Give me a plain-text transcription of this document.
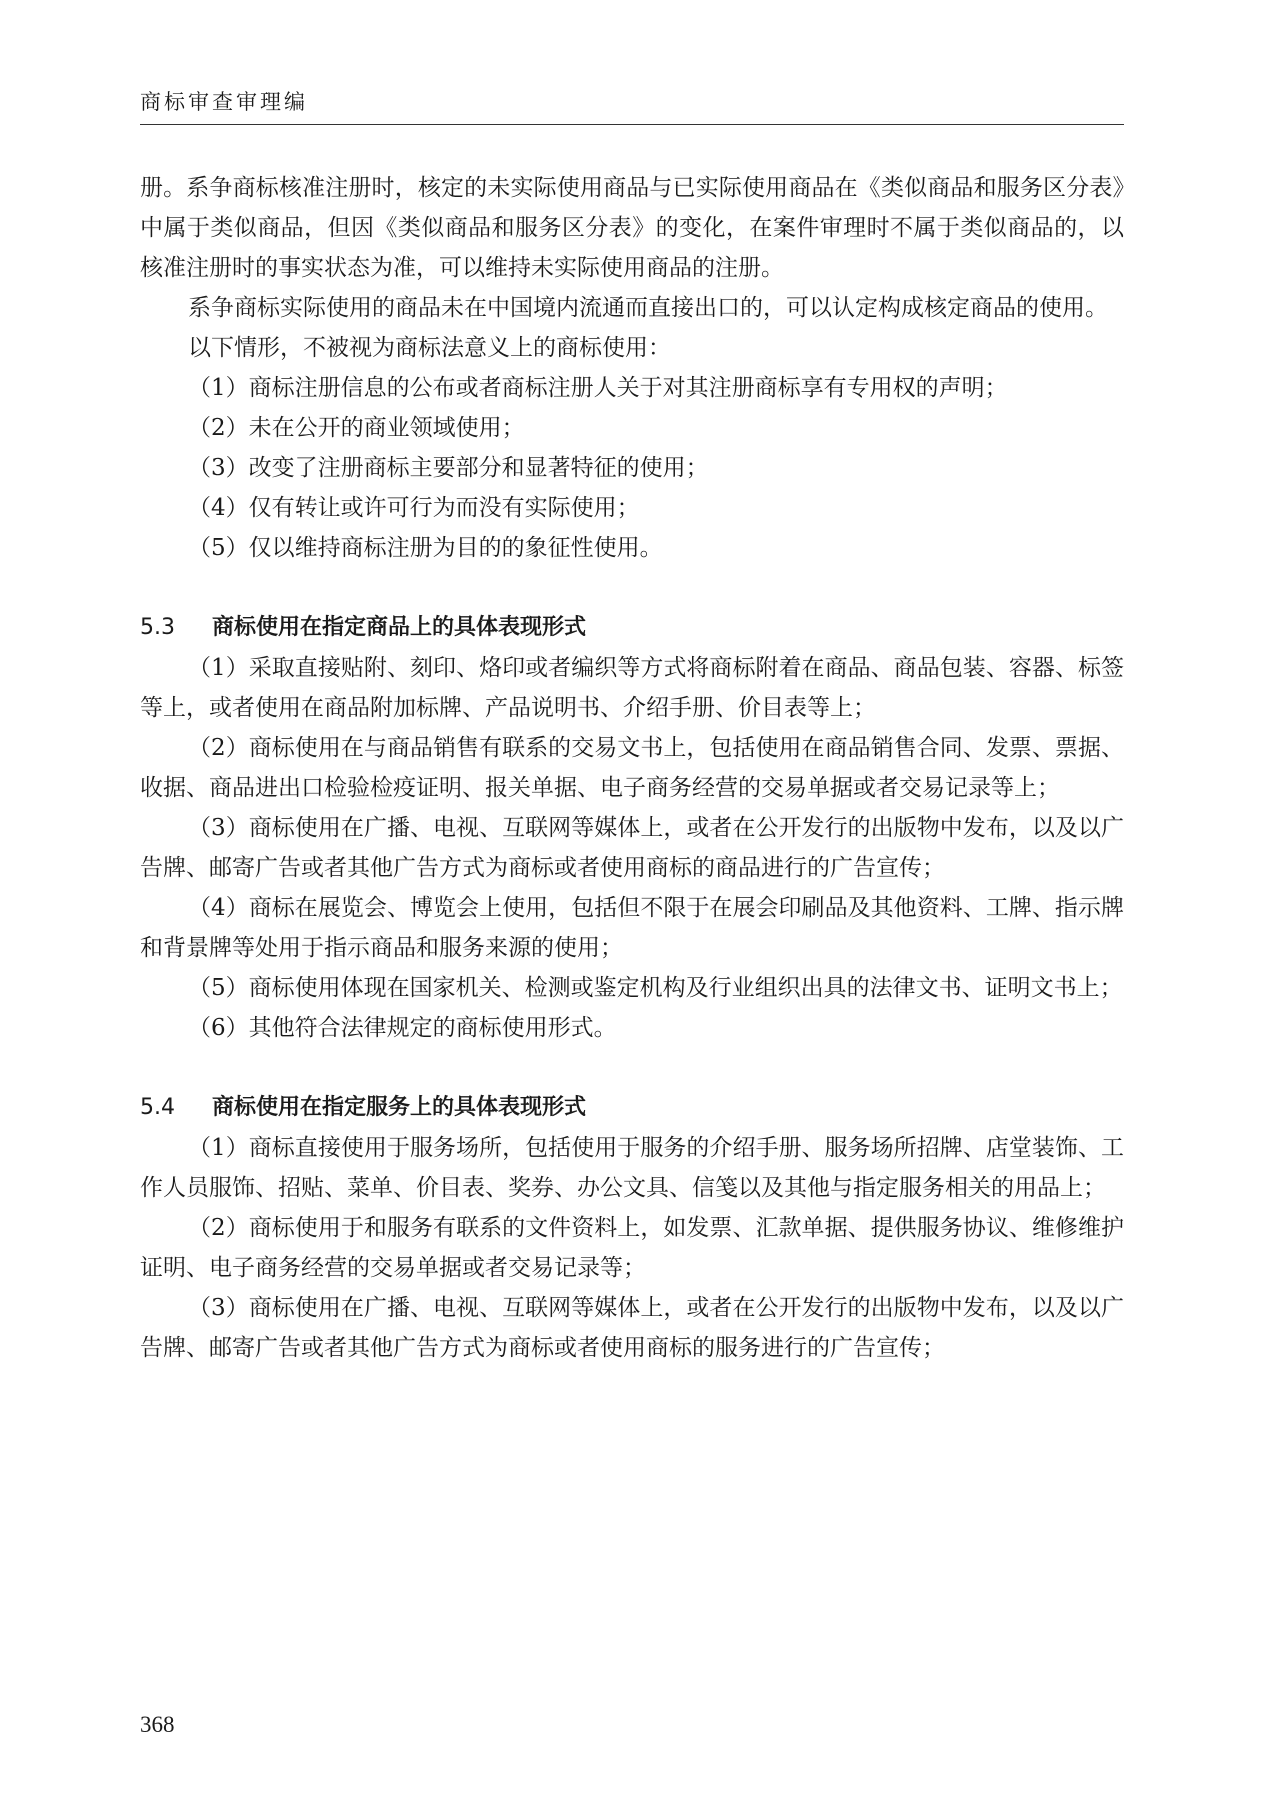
商标审查审理编

册。系争商标核准注册时，核定的未实际使用商品与已实际使用商品在《类似商品和服务区分表》中属于类似商品，但因《类似商品和服务区分表》的变化，在案件审理时不属于类似商品的，以核准注册时的事实状态为准，可以维持未实际使用商品的注册。

系争商标实际使用的商品未在中国境内流通而直接出口的，可以认定构成核定商品的使用。

以下情形，不被视为商标法意义上的商标使用：

（1）商标注册信息的公布或者商标注册人关于对其注册商标享有专用权的声明；

（2）未在公开的商业领域使用；

（3）改变了注册商标主要部分和显著特征的使用；

（4）仅有转让或许可行为而没有实际使用；

（5）仅以维持商标注册为目的的象征性使用。

5.3 商标使用在指定商品上的具体表现形式

（1）采取直接贴附、刻印、烙印或者编织等方式将商标附着在商品、商品包装、容器、标签等上，或者使用在商品附加标牌、产品说明书、介绍手册、价目表等上；

（2）商标使用在与商品销售有联系的交易文书上，包括使用在商品销售合同、发票、票据、收据、商品进出口检验检疫证明、报关单据、电子商务经营的交易单据或者交易记录等上；

（3）商标使用在广播、电视、互联网等媒体上，或者在公开发行的出版物中发布，以及以广告牌、邮寄广告或者其他广告方式为商标或者使用商标的商品进行的广告宣传；

（4）商标在展览会、博览会上使用，包括但不限于在展会印刷品及其他资料、工牌、指示牌和背景牌等处用于指示商品和服务来源的使用；

（5）商标使用体现在国家机关、检测或鉴定机构及行业组织出具的法律文书、证明文书上；

（6）其他符合法律规定的商标使用形式。

5.4 商标使用在指定服务上的具体表现形式

（1）商标直接使用于服务场所，包括使用于服务的介绍手册、服务场所招牌、店堂装饰、工作人员服饰、招贴、菜单、价目表、奖券、办公文具、信笺以及其他与指定服务相关的用品上；

（2）商标使用于和服务有联系的文件资料上，如发票、汇款单据、提供服务协议、维修维护证明、电子商务经营的交易单据或者交易记录等；

（3）商标使用在广播、电视、互联网等媒体上，或者在公开发行的出版物中发布，以及以广告牌、邮寄广告或者其他广告方式为商标或者使用商标的服务进行的广告宣传；

368
